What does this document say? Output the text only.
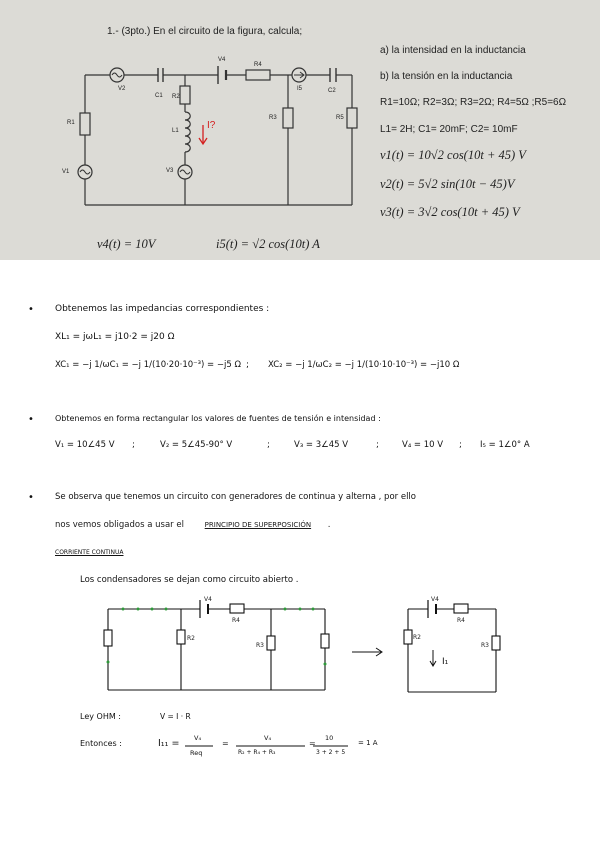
1.- (3pto.) En el circuito de la figura, calcula;
V2
C1 R2
L1
V3
V4
R4
I5	C2
R3	R5
R1
V1
I?
a) la intensidad en la inductancia
b) la tensión en la inductancia
R1=10Ω; R2=3Ω; R3=2Ω; R4=5Ω ;R5=6Ω
L1= 2H; C1= 20mF; C2= 10mF
v1(t) = 10√2 cos(10t + 45) V
v2(t) = 5√2 sin(10t − 45)V
v3(t) = 3√2 cos(10t + 45) V
v4(t) = 10V	i5(t) = √2 cos(10t) A
• Obtenemos las impedancias correspondientes :
XL₁ = jωL₁ = j10·2 = j20 Ω
XC₁ = −j 1/ωC₁ = −j 1/(10·20·10⁻³) = −j5 Ω ; XC₂ = −j 1/ωC₂ = −j 1/(10·10·10⁻³) = −j10 Ω
•	Obtenemos en forma rectangular los valores de fuentes de tensión e intensidad :
V₁ = 10∠45 V ;	V₂ = 5∠45-90° V	;	V₃ = 3∠45 V	;	V₄ = 10 V ; I₅ = 1∠0° A
• Se observa que tenemos un circuito con generadores de continua y alterna , por ello
nos vemos obligados a usar el	PRINCIPIO DE SUPERPOSICIÓN .
CORRIENTE CONTINUA
Los condensadores se dejan como circuito abierto .
V4
R4
R2
R3
V4
R4
R2
R3
I₁
Ley OHM :	V = I · R
Entonces :	I₁₁ = V₄
Req
=
V₄
R₂ + R₄ + R₃
=
10
3 + 2 + 5
= 1 A
